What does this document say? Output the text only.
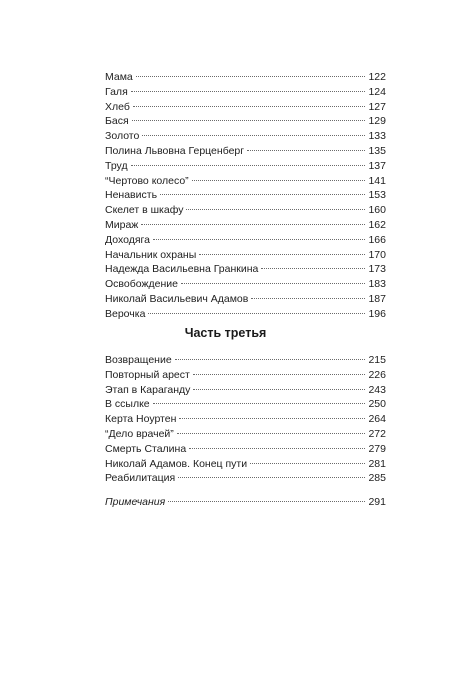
Мама	122
Галя	124
Хлеб	127
Бася	129
Золото	133
Полина Львовна Герценберг	135
Труд	137
“Чертово колесо”	141
Ненависть	153
Скелет в шкафу	160
Мираж	162
Доходяга	166
Начальник охраны	170
Надежда Васильевна Гранкина	173
Освобождение	183
Николай Васильевич Адамов	187
Верочка	196
Часть третья
Возвращение	215
Повторный арест	226
Этап в Караганду	243
В ссылке	250
Керта Ноуртен	264
“Дело врачей”	272
Смерть Сталина	279
Николай Адамов. Конец пути	281
Реабилитация	285
Примечания	291
